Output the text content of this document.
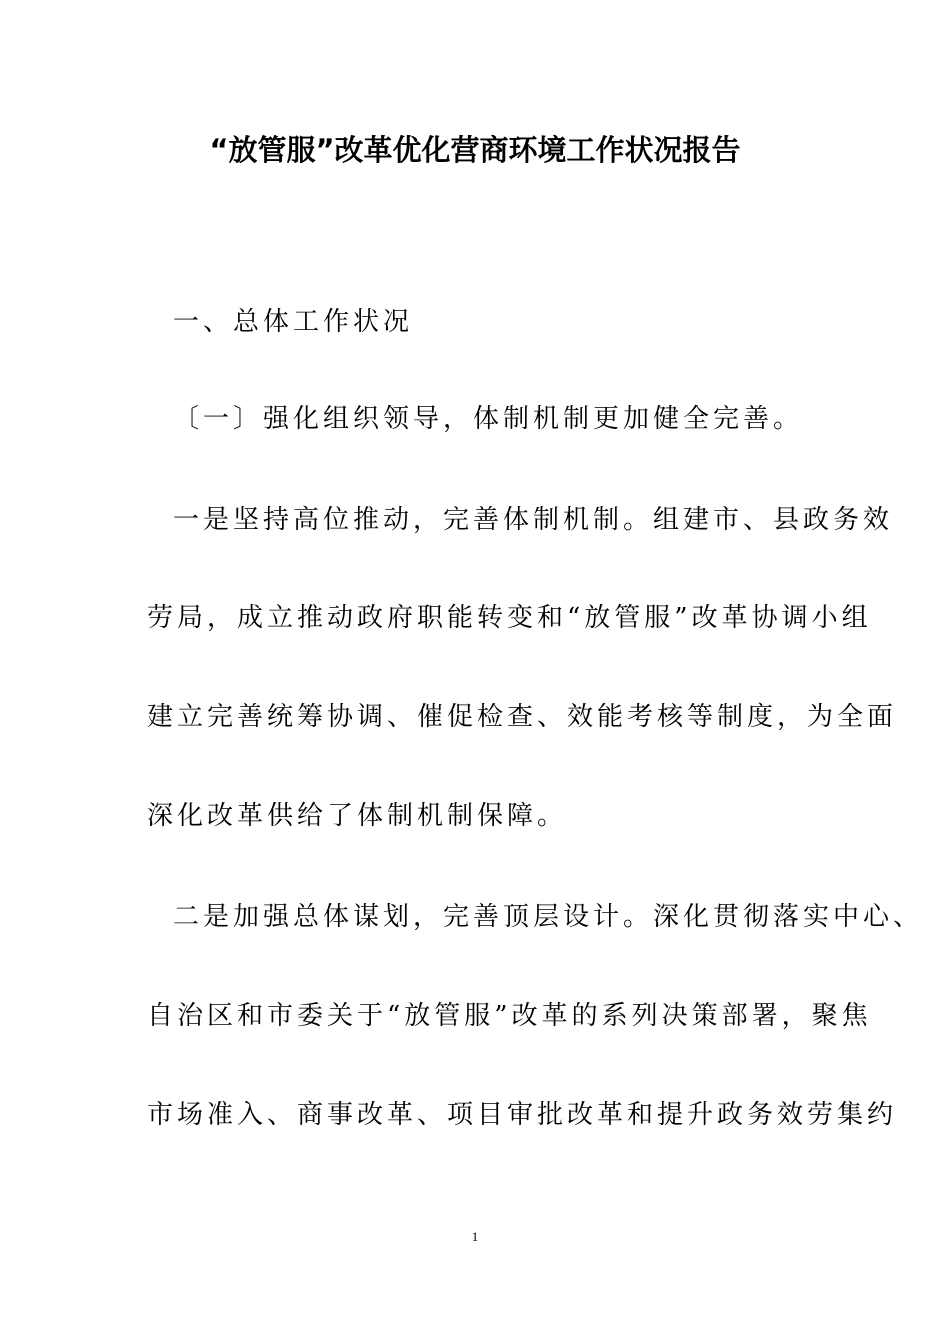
“放管服”改革优化营商环境工作状况报告
一、总体工作状况
〔一〕强化组织领导，体制机制更加健全完善。
一是坚持高位推动，完善体制机制。组建市、县政务效
劳局，成立推动政府职能转变和“放管服”改革协调小组
建立完善统筹协调、催促检查、效能考核等制度，为全面
深化改革供给了体制机制保障。
二是加强总体谋划，完善顶层设计。深化贯彻落实中心、
自治区和市委关于“放管服”改革的系列决策部署，聚焦
市场准入、商事改革、项目审批改革和提升政务效劳集约
1
